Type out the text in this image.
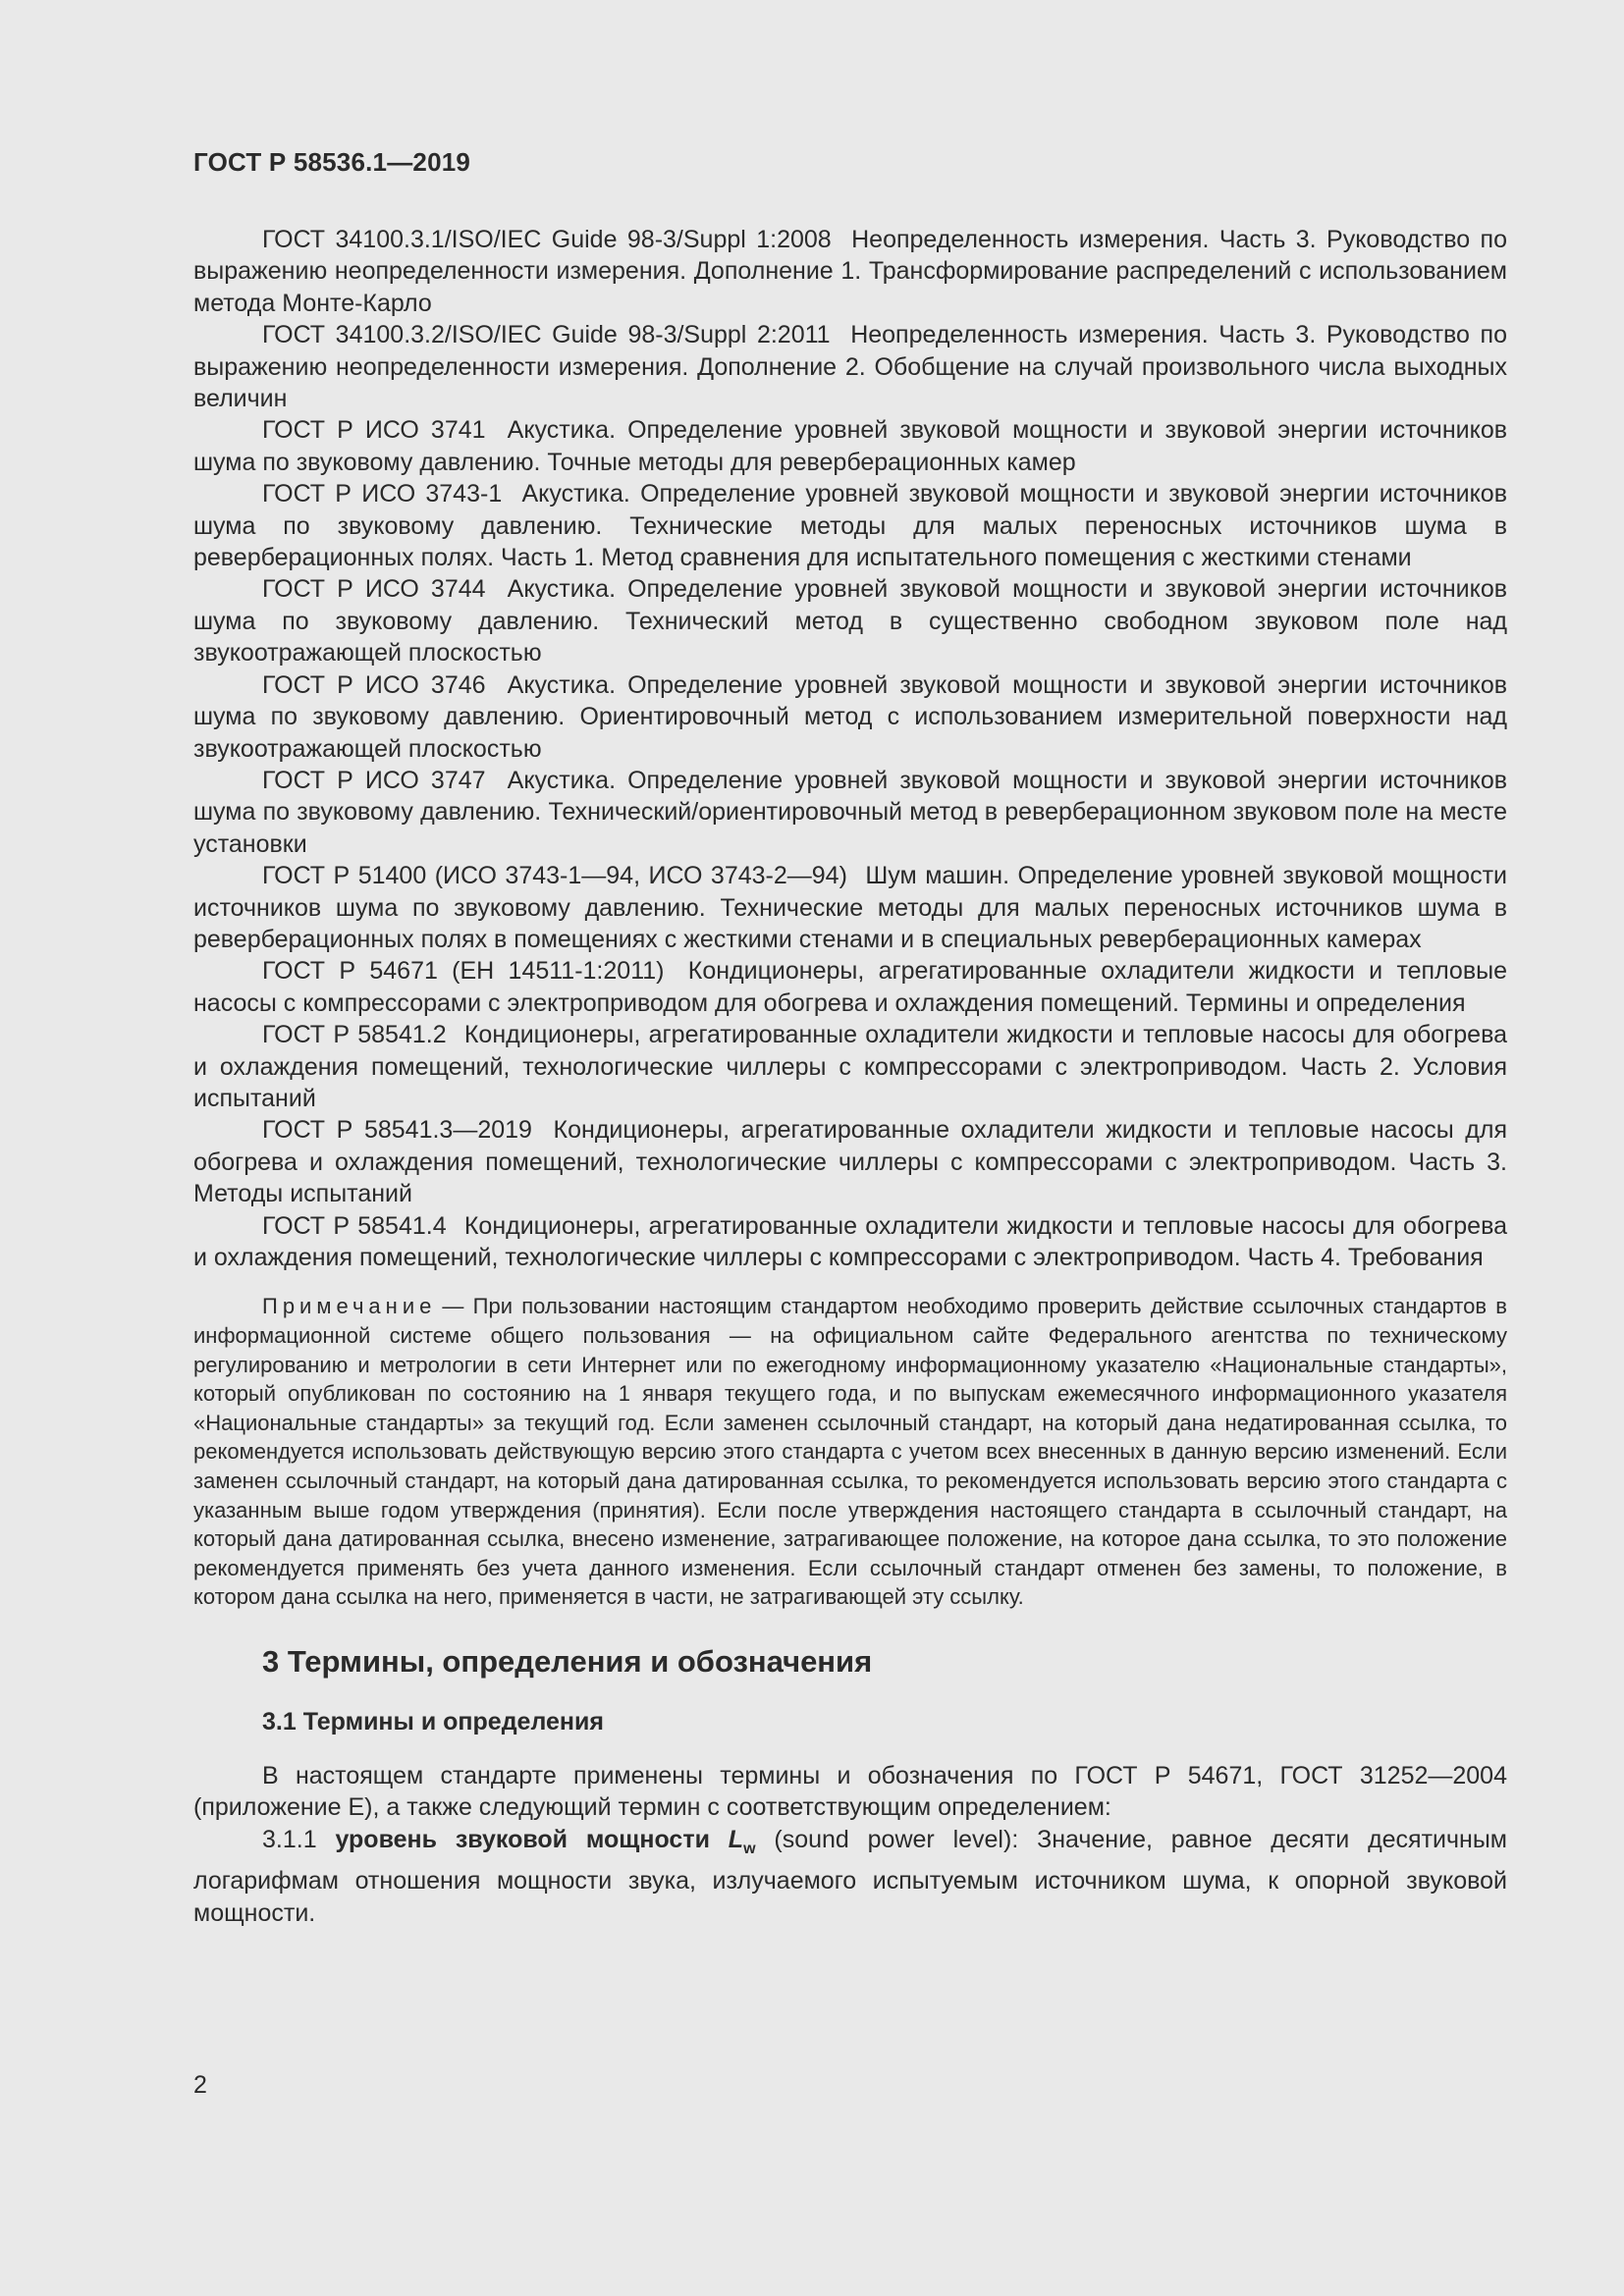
ГОСТ Р 58536.1—2019

ГОСТ 34100.3.1/ISO/IEC Guide 98-3/Suppl 1:2008 Неопределенность измерения. Часть 3. Руководство по выражению неопределенности измерения. Дополнение 1. Трансформирование распределений с использованием метода Монте-Карло

ГОСТ 34100.3.2/ISO/IEC Guide 98-3/Suppl 2:2011 Неопределенность измерения. Часть 3. Руководство по выражению неопределенности измерения. Дополнение 2. Обобщение на случай произвольного числа выходных величин

ГОСТ Р ИСО 3741 Акустика. Определение уровней звуковой мощности и звуковой энергии источников шума по звуковому давлению. Точные методы для реверберационных камер

ГОСТ Р ИСО 3743-1 Акустика. Определение уровней звуковой мощности и звуковой энергии источников шума по звуковому давлению. Технические методы для малых переносных источников шума в реверберационных полях. Часть 1. Метод сравнения для испытательного помещения с жесткими стенами

ГОСТ Р ИСО 3744 Акустика. Определение уровней звуковой мощности и звуковой энергии источников шума по звуковому давлению. Технический метод в существенно свободном звуковом поле над звукоотражающей плоскостью

ГОСТ Р ИСО 3746 Акустика. Определение уровней звуковой мощности и звуковой энергии источников шума по звуковому давлению. Ориентировочный метод с использованием измерительной поверхности над звукоотражающей плоскостью

ГОСТ Р ИСО 3747 Акустика. Определение уровней звуковой мощности и звуковой энергии источников шума по звуковому давлению. Технический/ориентировочный метод в реверберационном звуковом поле на месте установки

ГОСТ Р 51400 (ИСО 3743-1—94, ИСО 3743-2—94) Шум машин. Определение уровней звуковой мощности источников шума по звуковому давлению. Технические методы для малых переносных источников шума в реверберационных полях в помещениях с жесткими стенами и в специальных реверберационных камерах

ГОСТ Р 54671 (ЕН 14511-1:2011) Кондиционеры, агрегатированные охладители жидкости и тепловые насосы с компрессорами с электроприводом для обогрева и охлаждения помещений. Термины и определения

ГОСТ Р 58541.2 Кондиционеры, агрегатированные охладители жидкости и тепловые насосы для обогрева и охлаждения помещений, технологические чиллеры с компрессорами с электроприводом. Часть 2. Условия испытаний

ГОСТ Р 58541.3—2019 Кондиционеры, агрегатированные охладители жидкости и тепловые насосы для обогрева и охлаждения помещений, технологические чиллеры с компрессорами с электроприводом. Часть 3. Методы испытаний

ГОСТ Р 58541.4 Кондиционеры, агрегатированные охладители жидкости и тепловые насосы для обогрева и охлаждения помещений, технологические чиллеры с компрессорами с электроприводом. Часть 4. Требования

Примечание — При пользовании настоящим стандартом необходимо проверить действие ссылочных стандартов в информационной системе общего пользования — на официальном сайте Федерального агентства по техническому регулированию и метрологии в сети Интернет или по ежегодному информационному указателю «Национальные стандарты», который опубликован по состоянию на 1 января текущего года, и по выпускам ежемесячного информационного указателя «Национальные стандарты» за текущий год. Если заменен ссылочный стандарт, на который дана недатированная ссылка, то рекомендуется использовать действующую версию этого стандарта с учетом всех внесенных в данную версию изменений. Если заменен ссылочный стандарт, на который дана датированная ссылка, то рекомендуется использовать версию этого стандарта с указанным выше годом утверждения (принятия). Если после утверждения настоящего стандарта в ссылочный стандарт, на который дана датированная ссылка, внесено изменение, затрагивающее положение, на которое дана ссылка, то это положение рекомендуется применять без учета данного изменения. Если ссылочный стандарт отменен без замены, то положение, в котором дана ссылка на него, применяется в части, не затрагивающей эту ссылку.

3 Термины, определения и обозначения
3.1 Термины и определения

В настоящем стандарте применены термины и обозначения по ГОСТ Р 54671, ГОСТ 31252—2004 (приложение Е), а также следующий термин с соответствующим определением:

3.1.1 уровень звуковой мощности $L_w$ (sound power level): Значение, равное десяти десятичным логарифмам отношения мощности звука, излучаемого испытуемым источником шума, к опорной звуковой мощности.

2
